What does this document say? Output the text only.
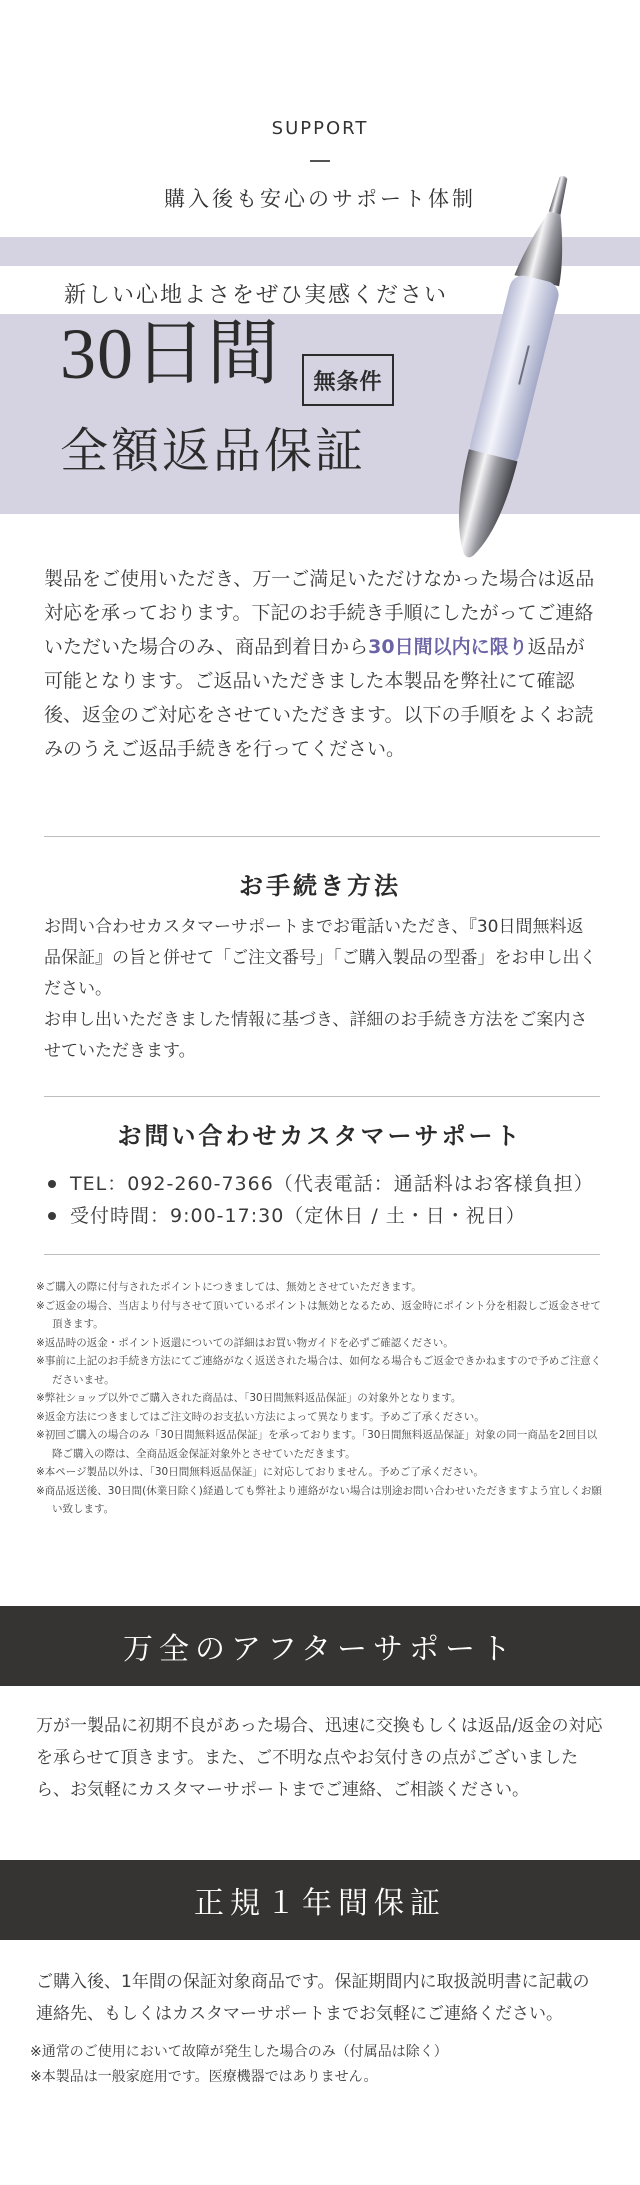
SUPPORT
購入後も安心のサポート体制
新しい心地よさをぜひ実感ください
30日間	無条件
全額返品保証
製品をご使用いただき、万一ご満足いただけなかった場合は返品対応を承っております。下記のお手続き手順にしたがってご連絡いただいた場合のみ、商品到着日から30日間以内に限り返品が可能となります。ご返品いただきました本製品を弊社にて確認後、返金のご対応をさせていただきます。以下の手順をよくお読みのうえご返品手続きを行ってください。
お手続き方法
お問い合わせカスタマーサポートまでお電話いただき、『30日間無料返品保証』の旨と併せて「ご注文番号」「ご購入製品の型番」をお申し出ください。
お申し出いただきました情報に基づき、詳細のお手続き方法をご案内させていただきます。
お問い合わせカスタマーサポート
TEL：092-260-7366（代表電話：通話料はお客様負担）
受付時間：9:00-17:30（定休日 / 土・日・祝日）
※ご購入の際に付与されたポイントにつきましては、無効とさせていただきます。
※ご返金の場合、当店より付与させて頂いているポイントは無効となるため、返金時にポイント分を相殺しご返金させて頂きます。
※返品時の返金・ポイント返還についての詳細はお買い物ガイドを必ずご確認ください。
※事前に上記のお手続き方法にてご連絡がなく返送された場合は、如何なる場合もご返金できかねますので予めご注意くださいませ。
※弊社ショップ以外でご購入された商品は、「30日間無料返品保証」の対象外となります。
※返金方法につきましてはご注文時のお支払い方法によって異なります。予めご了承ください。
※初回ご購入の場合のみ「30日間無料返品保証」を承っております。「30日間無料返品保証」対象の同一商品を2回目以降ご購入の際は、全商品返金保証対象外とさせていただきます。
※本ページ製品以外は、「30日間無料返品保証」に対応しておりません。予めご了承ください。
※商品返送後、30日間(休業日除く)経過しても弊社より連絡がない場合は別途お問い合わせいただきますよう宜しくお願い致します。
万全のアフターサポート
万が一製品に初期不良があった場合、迅速に交換もしくは返品/返金の対応を承らせて頂きます。また、ご不明な点やお気付きの点がございましたら、お気軽にカスタマーサポートまでご連絡、ご相談ください。
正規１年間保証
ご購入後、1年間の保証対象商品です。保証期間内に取扱説明書に記載の連絡先、もしくはカスタマーサポートまでお気軽にご連絡ください。
※通常のご使用において故障が発生した場合のみ（付属品は除く）
※本製品は一般家庭用です。医療機器ではありません。
